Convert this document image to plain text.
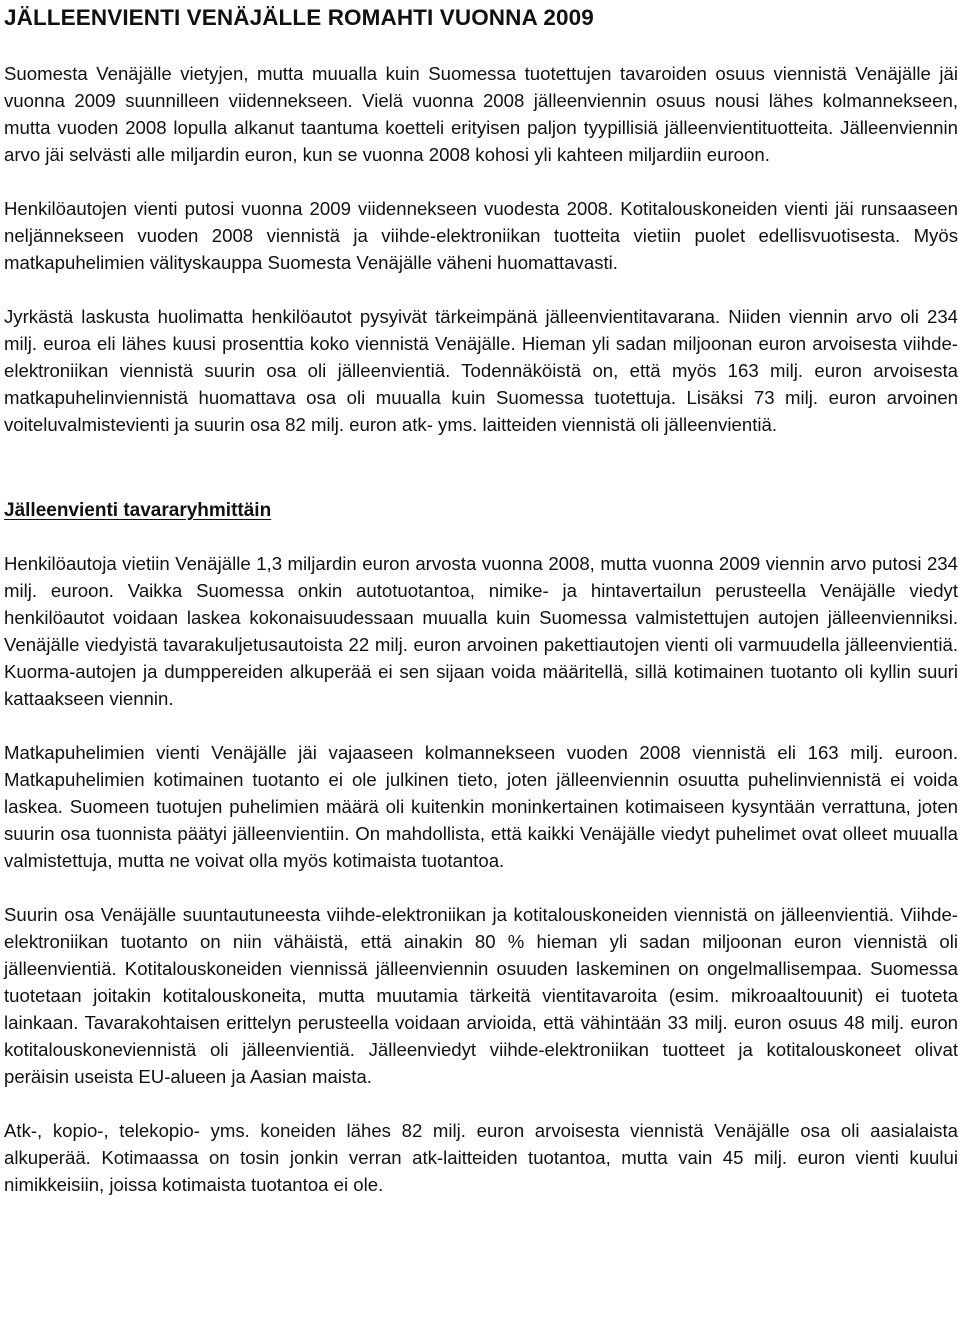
JÄLLEENVIENTI VENÄJÄLLE ROMAHTI VUONNA 2009

Suomesta Venäjälle vietyjen, mutta muualla kuin Suomessa tuotettujen tavaroiden osuus viennistä Venäjälle jäi vuonna 2009 suunnilleen viidennekseen. Vielä vuonna 2008 jälleenviennin osuus nousi lähes kolmannekseen, mutta vuoden 2008 lopulla alkanut taantuma koetteli erityisen paljon tyypillisiä jälleenvientituotteita. Jälleenviennin arvo jäi selvästi alle miljardin euron, kun se vuonna 2008 kohosi yli kahteen miljardiin euroon.

Henkilöautojen vienti putosi vuonna 2009 viidennekseen vuodesta 2008. Kotitalouskoneiden vienti jäi runsaaseen neljännekseen vuoden 2008 viennistä ja viihde-elektroniikan tuotteita vietiin puolet edellisvuotisesta. Myös matkapuhelimien välityskauppa Suomesta Venäjälle väheni huomattavasti.

Jyrkästä laskusta huolimatta henkilöautot pysyivät tärkeimpänä jälleenvientitavarana. Niiden viennin arvo oli 234 milj. euroa eli lähes kuusi prosenttia koko viennistä Venäjälle. Hieman yli sadan miljoonan euron arvoisesta viihde-elektroniikan viennistä suurin osa oli jälleenvientiä. Todennäköistä on, että myös 163 milj. euron arvoisesta matkapuhelinviennistä huomattava osa oli muualla kuin Suomessa tuotettuja. Lisäksi 73 milj. euron arvoinen voiteluvalmistevienti ja suurin osa 82 milj. euron atk- yms. laitteiden viennistä oli jälleenvientiä.

Jälleenvienti tavararyhmittäin

Henkilöautoja vietiin Venäjälle 1,3 miljardin euron arvosta vuonna 2008, mutta vuonna 2009 viennin arvo putosi 234 milj. euroon. Vaikka Suomessa onkin autotuotantoa, nimike- ja hintavertailun perusteella Venäjälle viedyt henkilöautot voidaan laskea kokonaisuudessaan muualla kuin Suomessa valmistettujen autojen jälleenvienniksi. Venäjälle viedyistä tavarakuljetusautoista 22 milj. euron arvoinen pakettiautojen vienti oli varmuudella jälleenvientiä. Kuorma-autojen ja dumppereiden alkuperää ei sen sijaan voida määritellä, sillä kotimainen tuotanto oli kyllin suuri kattaakseen viennin.

Matkapuhelimien vienti Venäjälle jäi vajaaseen kolmannekseen vuoden 2008 viennistä eli 163 milj. euroon. Matkapuhelimien kotimainen tuotanto ei ole julkinen tieto, joten jälleenviennin osuutta puhelinviennistä ei voida laskea. Suomeen tuotujen puhelimien määrä oli kuitenkin moninkertainen kotimaiseen kysyntään verrattuna, joten suurin osa tuonnista päätyi jälleenvientiin. On mahdollista, että kaikki Venäjälle viedyt puhelimet ovat olleet muualla valmistettuja, mutta ne voivat olla myös kotimaista tuotantoa.

Suurin osa Venäjälle suuntautuneesta viihde-elektroniikan ja kotitalouskoneiden viennistä on jälleenvientiä. Viihde-elektroniikan tuotanto on niin vähäistä, että ainakin 80 % hieman yli sadan miljoonan euron viennistä oli jälleenvientiä. Kotitalouskoneiden viennissä jälleenviennin osuuden laskeminen on ongelmallisempaa. Suomessa tuotetaan joitakin kotitalouskoneita, mutta muutamia tärkeitä vientitavaroita (esim. mikroaaltouunit) ei tuoteta lainkaan. Tavarakohtaisen erittelyn perusteella voidaan arvioida, että vähintään 33 milj. euron osuus 48 milj. euron kotitalouskoneviennistä oli jälleenvientiä. Jälleenviedyt viihde-elektroniikan tuotteet ja kotitalouskoneet olivat peräisin useista EU-alueen ja Aasian maista.

Atk-, kopio-, telekopio- yms. koneiden lähes 82 milj. euron arvoisesta viennistä Venäjälle osa oli aasialaista alkuperää. Kotimaassa on tosin jonkin verran atk-laitteiden tuotantoa, mutta vain 45 milj. euron vienti kuului nimikkeisiin, joissa kotimaista tuotantoa ei ole.
